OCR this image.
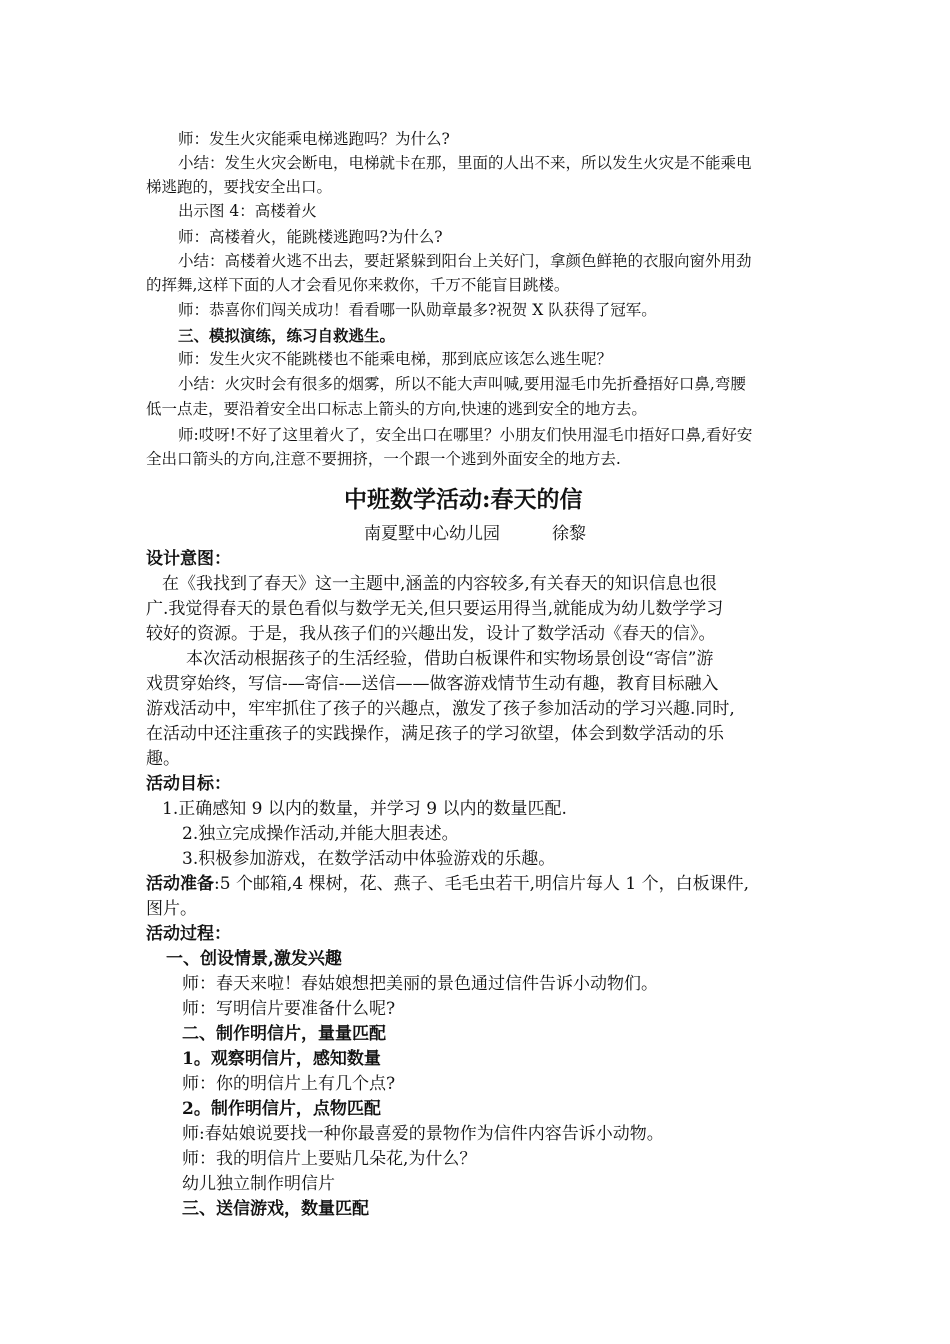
师：发生火灾能乘电梯逃跑吗？为什么?
小结：发生火灾会断电，电梯就卡在那，里面的人出不来，所以发生火灾是不能乘电
梯逃跑的，要找安全出口。
出示图 4：高楼着火
师：高楼着火，能跳楼逃跑吗?为什么?
小结：高楼着火逃不出去，要赶紧躲到阳台上关好门，拿颜色鲜艳的衣服向窗外用劲
的挥舞,这样下面的人才会看见你来救你，千万不能盲目跳楼。
师：恭喜你们闯关成功！看看哪一队勋章最多?祝贺 X 队获得了冠军。
三、模拟演练，练习自救逃生。
师：发生火灾不能跳楼也不能乘电梯，那到底应该怎么逃生呢？
小结：火灾时会有很多的烟雾，所以不能大声叫喊,要用湿毛巾先折叠捂好口鼻,弯腰
低一点走，要沿着安全出口标志上箭头的方向,快速的逃到安全的地方去。
师:哎呀!不好了这里着火了，安全出口在哪里？小朋友们快用湿毛巾捂好口鼻,看好安
全出口箭头的方向,注意不要拥挤，一个跟一个逃到外面安全的地方去.
中班数学活动:春天的信
南夏墅中心幼儿园	徐黎
设计意图：
在《我找到了春天》这一主题中,涵盖的内容较多,有关春天的知识信息也很
广.我觉得春天的景色看似与数学无关,但只要运用得当,就能成为幼儿数学学习
较好的资源。于是，我从孩子们的兴趣出发，设计了数学活动《春天的信》。
本次活动根据孩子的生活经验，借助白板课件和实物场景创设“寄信”游
戏贯穿始终，写信-—寄信-—送信——做客游戏情节生动有趣，教育目标融入
游戏活动中，牢牢抓住了孩子的兴趣点，激发了孩子参加活动的学习兴趣.同时,
在活动中还注重孩子的实践操作，满足孩子的学习欲望，体会到数学活动的乐
趣。
活动目标：
1.正确感知 9 以内的数量，并学习 9 以内的数量匹配.
2.独立完成操作活动,并能大胆表述。
3.积极参加游戏，在数学活动中体验游戏的乐趣。
活动准备:5 个邮箱,4 棵树，花、燕子、毛毛虫若干,明信片每人 1 个，白板课件,
图片。
活动过程：
一、创设情景,激发兴趣
师：春天来啦！春姑娘想把美丽的景色通过信件告诉小动物们。
师：写明信片要准备什么呢?
二、制作明信片，量量匹配
1。观察明信片，感知数量
师：你的明信片上有几个点?
2。制作明信片，点物匹配
师:春姑娘说要找一种你最喜爱的景物作为信件内容告诉小动物。
师：我的明信片上要贴几朵花,为什么？
幼儿独立制作明信片
三、送信游戏，数量匹配
